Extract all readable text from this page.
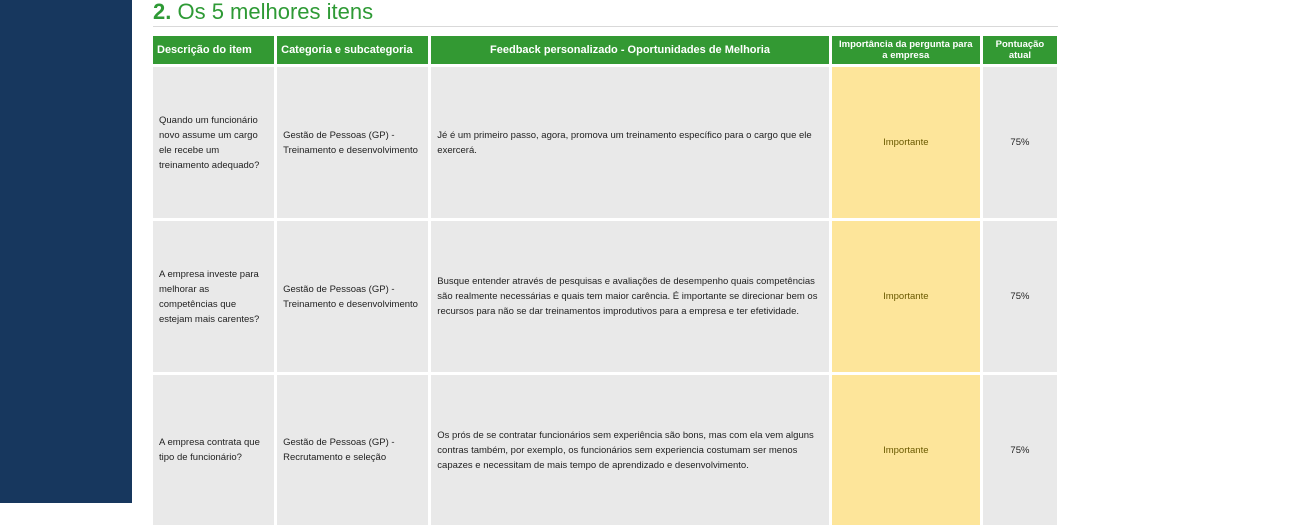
2. Os 5 melhores itens
Descrição do item	Categoria e subcategoria	Feedback personalizado - Oportunidades de Melhoria	Importância da pergunta para a empresa	Pontuação atual
Quando um funcionário novo assume um cargo ele recebe um treinamento adequado?	Gestão de Pessoas (GP) - Treinamento e desenvolvimento	Jé é um primeiro passo, agora, promova um treinamento específico para o cargo que ele exercerá.	Importante	75%
A empresa investe para melhorar as competências que estejam mais carentes?	Gestão de Pessoas (GP) - Treinamento e desenvolvimento	Busque entender através de pesquisas e avaliações de desempenho quais competências são realmente necessárias e quais tem maior carência. É importante se direcionar bem os recursos para não se dar treinamentos improdutivos para a empresa e ter efetividade.	Importante	75%
A empresa contrata que tipo de funcionário?	Gestão de Pessoas (GP) - Recrutamento e seleção	Os prós de se contratar funcionários sem experiência são bons, mas com ela vem alguns contras também, por exemplo, os funcionários sem experiencia costumam ser menos capazes e necessitam de mais tempo de aprendizado e desenvolvimento.	Importante	75%
